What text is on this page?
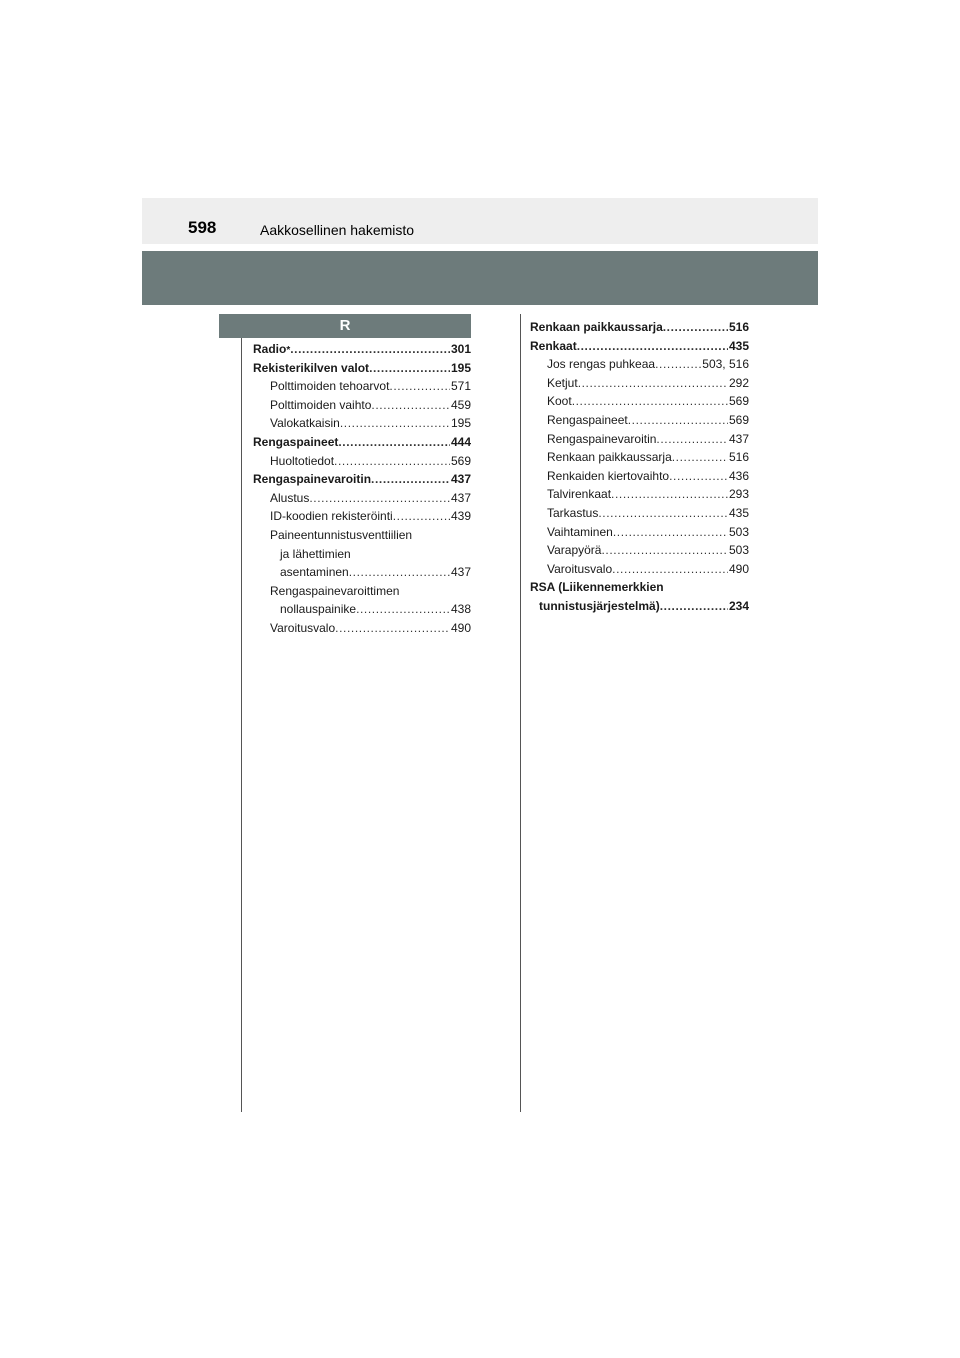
598	Aakkosellinen hakemisto
R
Radio * .....	301
Rekisterikilven valot .....	195
Polttimoiden tehoarvot .....	571
Polttimoiden vaihto .....	459
Valokatkaisin .....	195
Rengaspaineet .....	444
Huoltotiedot .....	569
Rengaspainevaroitin .....	437
Alustus .....	437
ID-koodien rekisteröinti .....	439
Paineentunnistusventtiilien
ja lähettimien
asentaminen .....	437
Rengaspainevaroittimen
nollauspainike .....	438
Varoitusvalo .....	490
Renkaan paikkaussarja .....	516
Renkaat .....	435
Jos rengas puhkeaa .....	503, 516
Ketjut .....	292
Koot .....	569
Rengaspaineet .....	569
Rengaspainevaroitin .....	437
Renkaan paikkaussarja .....	516
Renkaiden kiertovaihto .....	436
Talvirenkaat .....	293
Tarkastus .....	435
Vaihtaminen .....	503
Varapyörä .....	503
Varoitusvalo .....	490
RSA (Liikennemerkkien
tunnistusjärjestelmä) .....	234
